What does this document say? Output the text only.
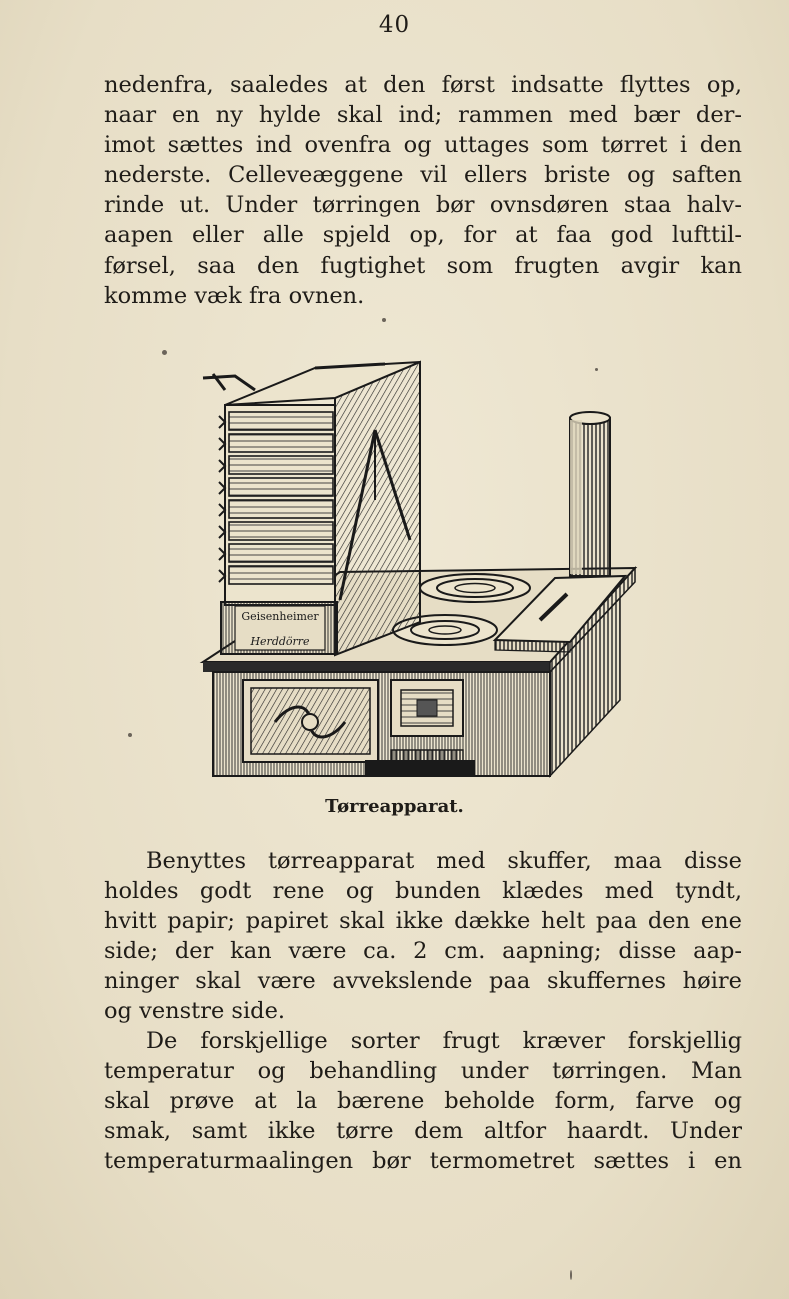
40
nedenfra, saaledes at den først indsatte flyttes op,
naar en ny hylde skal ind; rammen med bær der-
imot sættes ind ovenfra og uttages som tørret i den
nederste. Celleveæggene vil ellers briste og saften
rinde ut. Under tørringen bør ovnsdøren staa halv-
aapen eller alle spjeld op, for at faa god lufttil-
førsel, saa den fugtighet som frugten avgir kan
komme væk fra ovnen.
Geisenheimer
Herddörre
Tørreapparat.
Benyttes tørreapparat med skuffer, maa disse
holdes godt rene og bunden klædes med tyndt,
hvitt papir; papiret skal ikke dække helt paa den ene
side; der kan være ca. 2 cm. aapning; disse aap-
ninger skal være avvekslende paa skuffernes høire
og venstre side.
De forskjellige sorter frugt kræver forskjellig
temperatur og behandling under tørringen. Man
skal prøve at la bærene beholde form, farve og
smak, samt ikke tørre dem altfor haardt. Under
temperaturmaalingen bør termometret sættes i en
